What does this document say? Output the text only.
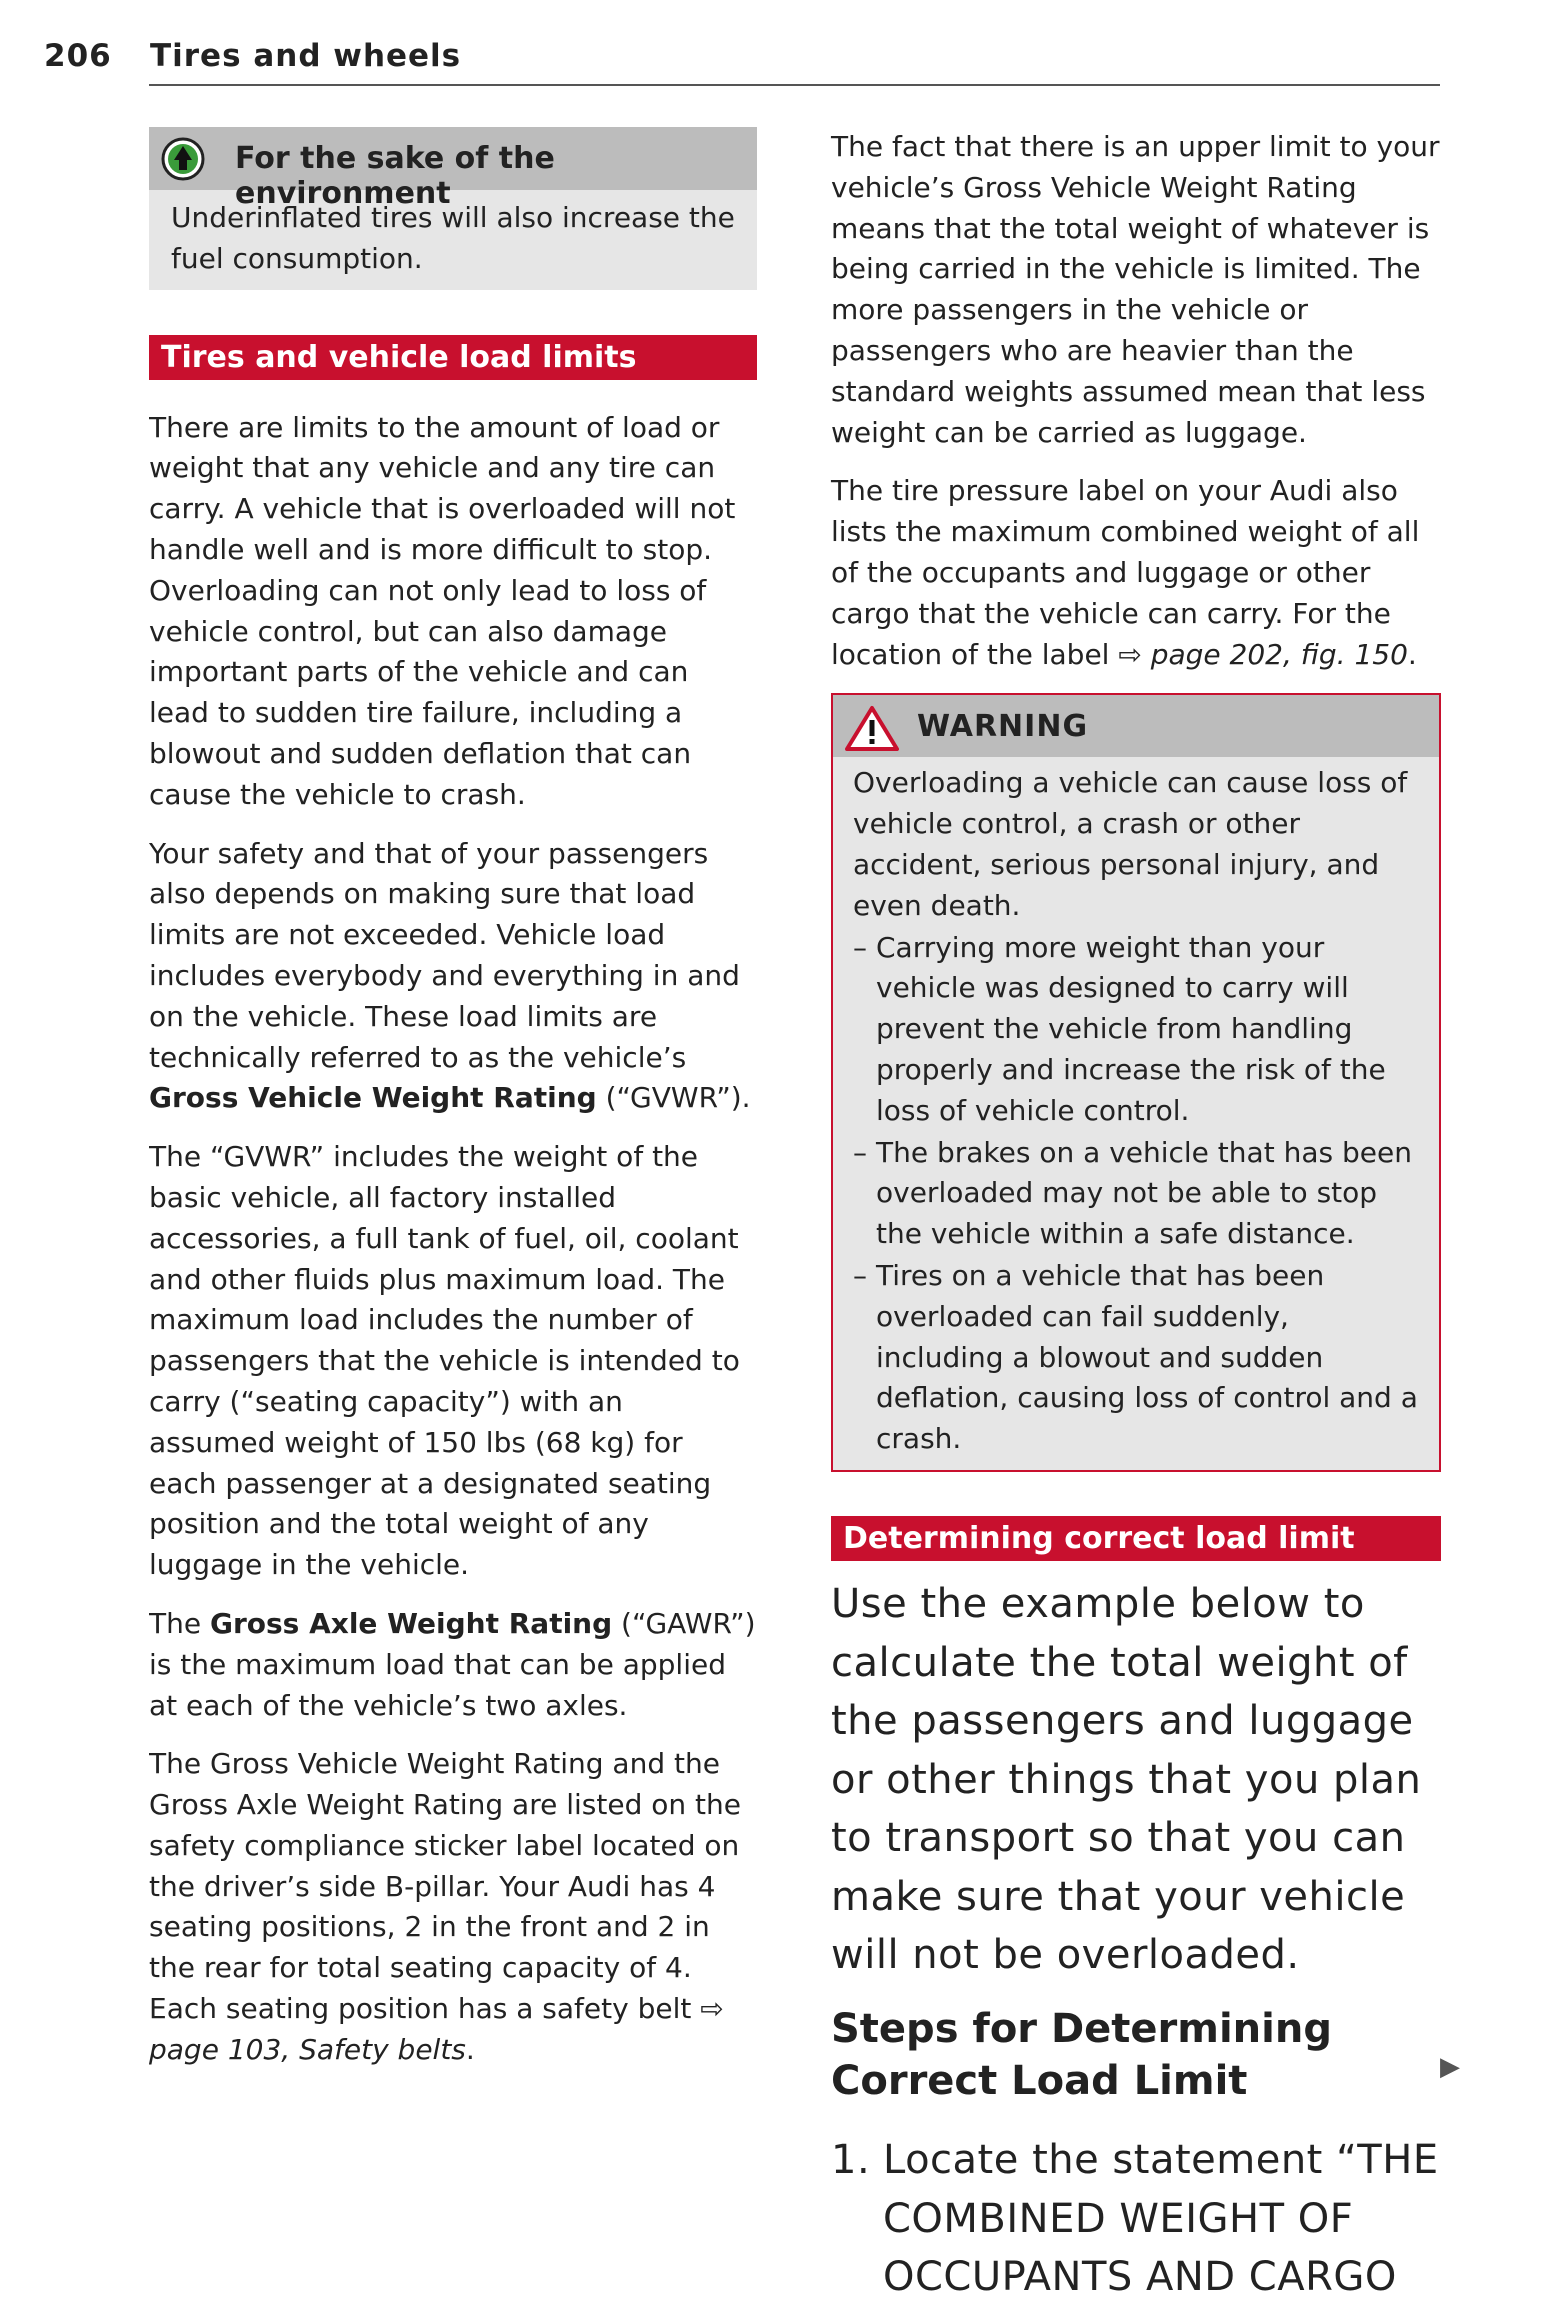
206 Tires and wheels
For the sake of the environment
Underinflated tires will also increase the fuel consumption.
Tires and vehicle load limits

There are limits to the amount of load or weight that any vehicle and any tire can carry. A vehicle that is overloaded will not handle well and is more difficult to stop. Overloading can not only lead to loss of vehicle control, but can also damage important parts of the vehicle and can lead to sudden tire failure, including a blowout and sudden deflation that can cause the vehicle to crash.

Your safety and that of your passengers also depends on making sure that load limits are not exceeded. Vehicle load includes everybody and everything in and on the vehicle. These load limits are technically referred to as the vehicle’s Gross Vehicle Weight Rating (“GVWR”).

The “GVWR” includes the weight of the basic vehicle, all factory installed accessories, a full tank of fuel, oil, coolant and other fluids plus maximum load. The maximum load includes the number of passengers that the vehicle is intended to carry (“seating capacity”) with an assumed weight of 150 lbs (68 kg) for each passenger at a designated seating position and the total weight of any luggage in the vehicle.

The Gross Axle Weight Rating (“GAWR”) is the maximum load that can be applied at each of the vehicle’s two axles.

The Gross Vehicle Weight Rating and the Gross Axle Weight Rating are listed on the safety compliance sticker label located on the driver’s side B-pillar. Your Audi has 4 seating positions, 2 in the front and 2 in the rear for total seating capacity of 4. Each seating position has a safety belt ⇨ page 103, Safety belts.

The fact that there is an upper limit to your vehicle’s Gross Vehicle Weight Rating means that the total weight of whatever is being carried in the vehicle is limited. The more passengers in the vehicle or passengers who are heavier than the standard weights assumed mean that less weight can be carried as luggage.

The tire pressure label on your Audi also lists the maximum combined weight of all of the occupants and luggage or other cargo that the vehicle can carry. For the location of the label ⇨ page 202, fig. 150.

WARNING
Overloading a vehicle can cause loss of vehicle control, a crash or other accident, serious personal injury, and even death.
– Carrying more weight than your vehicle was designed to carry will prevent the vehicle from handling properly and increase the risk of the loss of vehicle control.
– The brakes on a vehicle that has been overloaded may not be able to stop the vehicle within a safe distance.
– Tires on a vehicle that has been overloaded can fail suddenly, including a blowout and sudden deflation, causing loss of control and a crash.
Determining correct load limit
Use the example below to calculate the total weight of the passengers and luggage or other things that you plan to transport so that you can make sure that your vehicle will not be overloaded.
Steps for Determining Correct Load Limit
1. Locate the statement “THE COMBINED WEIGHT OF OCCUPANTS AND CARGO
▶
